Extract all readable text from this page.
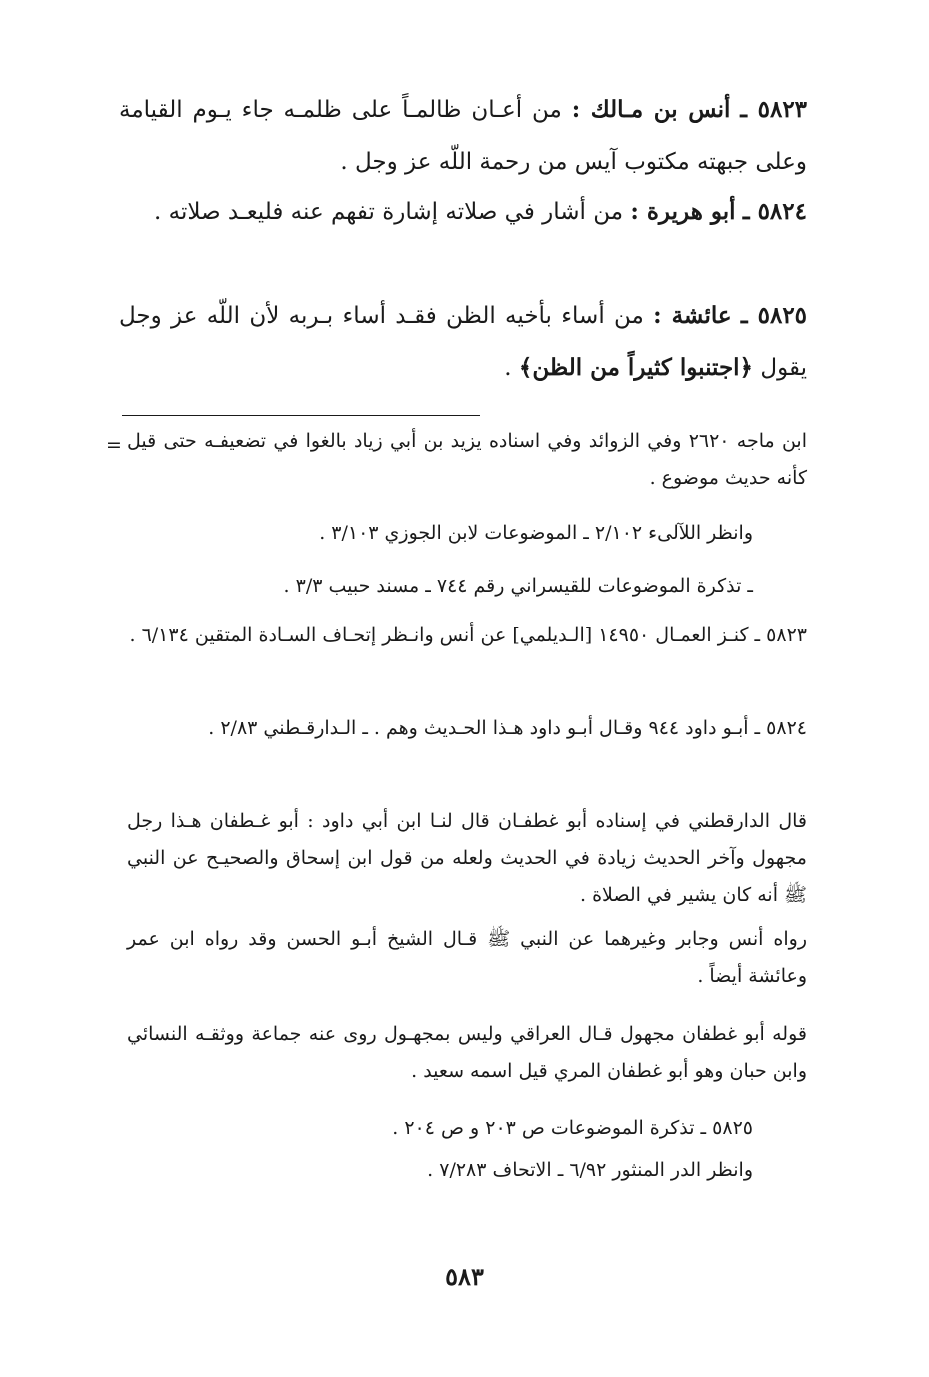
٥٨٢٣ ـ أنس بن مـالك : من أعـان ظالمـاً على ظلمـه جاء يـوم القيامة وعلى جبهته مكتوب آيس من رحمة اللّه عز وجل .
٥٨٢٤ ـ أبو هريرة : من أشار في صلاته إشارة تفهم عنه فليعـد صلاته .
٥٨٢٥ ـ عائشة : من أساء بأخيه الظن فقـد أساء بـربه لأن اللّه عز وجل يقول ﴿اجتنبوا كثيراً من الظن﴾ .
= ابن ماجه ٢٦٢٠ وفي الزوائد وفي اسناده يزيد بن أبي زياد بالغوا في تضعيفـه حتى قيل كأنه حديث موضوع .
وانظر اللآلىء ٢/١٠٢ ـ الموضوعات لابن الجوزي ٣/١٠٣ .
ـ تذكرة الموضوعات للقيسراني رقم ٧٤٤ ـ مسند حبيب ٣/٣ .
٥٨٢٣ ـ كنـز العمـال ١٤٩٥٠ [الـديلمي] عن أنس وانـظر إتحـاف السـادة المتقين ٦/١٣٤ .
٥٨٢٤ ـ أبـو داود ٩٤٤ وقـال أبـو داود هـذا الحـديث وهم . ـ الـدارقـطني ٢/٨٣ .
قال الدارقطني في إسناده أبو غطفـان قال لنـا ابن أبي داود : أبو غـطفان هـذا رجل مجهول وآخر الحديث زيادة في الحديث ولعله من قول ابن إسحاق والصحيـح عن النبي ﷺ أنه كان يشير في الصلاة .
رواه أنس وجابر وغيرهما عن النبي ﷺ قـال الشيخ أبـو الحسن وقد رواه ابن عمر وعائشة أيضاً .
قوله أبو غطفان مجهول قـال العراقي وليس بمجهـول روى عنه جماعة ووثقـه النسائي وابن حبان وهو أبو غطفان المري قيل اسمه سعيد .
٥٨٢٥ ـ تذكرة الموضوعات ص ٢٠٣ و ص ٢٠٤ .
وانظر الدر المنثور ٦/٩٢ ـ الاتحاف ٧/٢٨٣ .
٥٨٣
